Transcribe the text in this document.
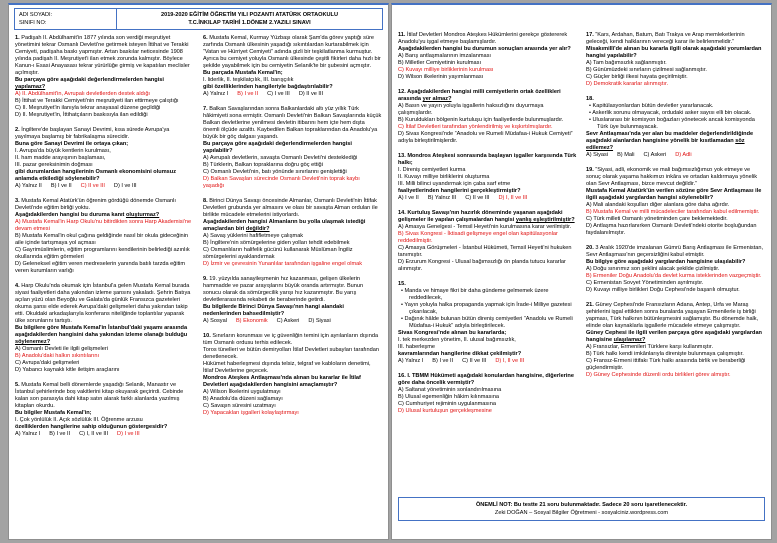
ADI SOYADI:
SINIFI NO:
2019-2020 EĞİTİM ÖĞRETİM YILI POZANTI ATATÜRK ORTAOKULU
T.C.İNKILAP TARİHİ 1.DÖNEM 2.YAZILI SINAVI
1. Padişah II. Abdülhamit'in 1877 yılında son verdiği meşrutiyet yönetimini tekrar Osmanlı Devleti'ne getirmek isteyen İttihat ve Terakki Cemiyeti, padişaha baskı yapmıştır. Artan baskılar neticesinde 1908 yılında padişah II. Meşrutiyet'i ilan etmek zorunda kalmıştır. Böylece Kanun-ı Esasi Anayasası tekrar yürürlüğe girmiş ve kapatılan meclisler açılmıştır.
Bu parçaya göre aşağıdaki değerlendirmelerden hangisi yapılamaz?
A) II. Abdülhamit'in, Avrupalı devletlerden destek aldığı
B) İttihat ve Terakki Cemiyeti'nin meşrutiyeti ilan ettirmeye çalıştığı
C) II. Meşrutiyet'in ilanıyla tekrar anayasal düzene geçildiği
D) II. Meşrutiyet'in, İttihatçıların baskısıyla ilan edildiği
2. İngiltere'de başlayan Sanayi Devrimi, kısa sürede Avrupa'ya yayılmaya başlamış bir fabrikalaşma sürecidir.
Buna göre Sanayi Devrimi ile ortaya çıkan;
I. Avrupa'da büyük kentlerin kurulması,
II. ham madde arayışının başlaması,
III. pazar gereksinimin doğması
gibi durumlardan hangilerinin Osmanlı ekonomisini olumsuz anlamda etkilediği söylenebilir?
A) Yalnız II B) I ve II C) II ve III D) I ve III
3. Mustafa Kemal Atatürk'ün öğrenim gördüğü dönemde Osmanlı Devleti'nde eğitim birliği yoktu.
Aşağıdakilerden hangisi bu duruma kanıt oluşturmaz?
A) Mustafa Kemal'in Harp Okulu'nu bitirdikten sonra Harp Akademisi'ne devam etmesi
B) Mustafa Kemal'in okul çağına geldiğinde nasıl bir okula gideceğinin aile içinde tartışmaya yol açması
C) Gayrimüslimlerin, eğitim programlarını kendilerinin belirlediği azınlık okullarında eğitim görmeleri
D) Geleneksel eğitim veren medreselerin yanında batılı tarzda eğitim veren kurumların varlığı
4. Harp Okulu'nda okumak için İstanbul'a gelen Mustafa Kemal burada siyasi faaliyetleri daha yakından izleme şansını yakaladı. Şehrin Batıya açılan yüzü olan Beyoğlu ve Galata'da günlük Fransızca gazeteleri okuma şansı elde ederek Avrupa'daki gelişmeleri daha yakından takip etti. Okuldaki arkadaşlarıyla konferans niteliğinde toplantılar yaparak ülke sorunlarını tartıştı.
Bu bilgilere göre Mustafa Kemal'in İstanbul'daki yaşamı arasında aşağıdakilerden hangisini daha yakından izleme olanağı bulduğu söylenemez?
A) Osmanlı Devleti ile ilgili gelişmeleri
B) Anadolu'daki halkın sıkıntılarını
C) Avrupa'daki gelişmeleri
D) Yabancı kaynaklı kitle iletişim araçlarını
5. Mustafa Kemal belli dönemlerde yaşadığı Selanik, Manastır ve İstanbul şehirlerinde boş vakitlerini kitap okuyarak geçirirdi. Cebinde kalan son parasıyla dahi kitap satın alarak farklı alanlarda yazılmış kitapları okurdu.
Bu bilgiler Mustafa Kemal'in;
I. Çok yönlülük II. Açık sözlülük III. Öğrenme arzusu
özelliklerden hangilerine sahip olduğunun göstergesidir?
A) Yalnız I B) I ve II C) I, II ve III D) I ve III
6. Mustafa Kemal, Kurmay Yüzbaşı olarak Şam'da görev yaptığı süre zarfında Osmanlı ülkesinin yaşadığı sıkıntılardan kurtarabilmek için “Vatan ve Hürriyet Cemiyeti” adında gizli bir teşkilatlanma kurmuştur. Ayrıca bu cemiyet yoluyla Osmanlı ülkesinde çeşitli fikirleri daha hızlı bir şekilde yayabilmek için bu cemiyetin Selanik'te bir şubesini açmıştır.
Bu parçada Mustafa Kemal'in;
I. liderlik, II. teşkilatçılık, III. barışçılık
gibi özelliklerinden hangileriyle bağdaştırılabilir?
A) Yalnız I B) I ve II C) I ve III D) II ve III
7. Balkan Savaşlarından sonra Balkanlardaki altı yüz yıllık Türk hâkimiyeti sona ermiştir. Osmanlı Devleti'nin Balkan Savaşlarında küçük Balkan devletlerine yenilmesi devletin itibarını hem içte hem dışta önemli ölçüde azalttı. Kaybedilen Balkan topraklarından da Anadolu'ya büyük bir göç dalgası yaşandı.
Bu parçaya göre aşağıdaki değerlendirmelerden hangisi yapılabilir?
A) Avrupalı devletlerin, savaşta Osmanlı Devleti'ni desteklediği
B) Türklerin, Balkan topraklarına doğru göç ettiği
C) Osmanlı Devleti'nin, batı yönünde sınırlarını genişlettiği
D) Balkan Savaşları sürecinde Osmanlı Devleti'nin toprak kaybı yaşadığı
8. Birinci Dünya Savaşı öncesinde Almanlar, Osmanlı Devleti'nin İttifak Devletleri grubunda yer almasını ve olası bir savaşta Alman orduları ile birlikte mücadele etmelerini istiyorlardı.
Aşağıdakilerden hangisi Almanların bu yolla ulaşmak istediği amaçlardan biri değildir?
A) Savaş yüklerini hafifletmeye çalışmak
B) İngiltere'nin sömürgelerine giden yolları tehdit edebilmek
C) Osmanlıların halifelik gücünü kullanarak Müslüman İngiliz sömürgelerini ayaklandırmak
D) İzmir ve çevresinin Yunanlılar tarafından işgaline engel olmak
9. 19. yüzyılda sanayileşmenin hız kazanması, gelişen ülkelerin hammadde ve pazar arayışlarını büyük oranda artırmıştır. Bunun sonucu olarak da sömürgecilik yarışı hız kazanmıştır. Bu yarış devletlerarasında rekabeti de beraberinde getirdi.
Bu bilgilerde Birinci Dünya Savaşı'nın hangi alandaki nedenlerinden bahsedilmiştir?
A) Sosyal B) Ekonomik C) Askeri D) Siyasi
10. Sınırların korunması ve iç güvenliğin temini için ayrılanların dışında tüm Osmanlı ordusu terhis edilecek.
Toros tünelleri ve bütün demiryolları İtilaf Devletleri subayları tarafından denetlenecek.
Hükümet haberleşmesi dışında telsiz, telgraf ve kabloların denetimi, İtilaf Devletlerine geçecek.
Mondros Ateşkes Antlaşması'nda alınan bu kararlar ile İtilaf Devletleri aşağıdakilerden hangisini amaçlamıştır?
A) Wilson İlkelerini uygulatmayı
B) Anadolu'da düzeni sağlamayı
C) Savaşın süresini uzatmayı
D) Yapacakları işgalleri kolaylaştırmayı
11. İtilaf Devletleri Mondros Ateşkes Hükümlerini gerekçe göstererek Anadolu'yu işgal etmeye başlamışlardır.
Aşağıdakilerden hangisi bu durumun sonuçları arasında yer alır?
A) Barış antlaşmalarının imzalanması
B) Milletler Cemiyetinin kurulması
C) Kuvayı milliye birliklerinin kurulması
D) Wilson ilkelerinin yayımlanması
12. Aşağıdakilerden hangisi milli cemiyetlerin ortak özellikleri arasında yer almaz?
A) Basın ve yayın yoluyla işgallerin haksızlığını duyurmaya çalışmışlardır.
B) Kuruldukları bölgenin kurtuluşu için faaliyetlerde bulunmuşlardır.
C) İtilaf Devletleri tarafından yönlendirilmiş ve kışkırtılmışlardır.
D) Sivas Kongresi'nde “Anadolu ve Rumeli Müdafaa-i Hukuk Cemiyeti” adıyla birleştirilmişlerdir.
13. Mondros Ateşkesi sonrasında başlayan işgaller karşısında Türk halkı;
I. Direniş cemiyetleri kurma
II. Kuvayı milliye birliklerini oluşturma
III. Milli bilinci uyandırmak için çaba sarf etme
faaliyetlerinden hangilerini gerçekleştirmiştir?
A) I ve II B) Yalnız III C) II ve III D) I, II ve III
14. Kurtuluş Savaşı'nın hazırlık döneminde yaşanan aşağıdaki gelişmeler ile yapılan çalışmalardan hangisi yanlış eşleştirilmiştir?
A) Amasya Genelgesi - Temsil Heyeti'nin kurulmasına karar verilmiştir.
B) Sivas Kongresi - İktisadi gelişmeye engel olan kapitülasyonlar reddedilmiştir.
C) Amasya Görüşmeleri - İstanbul Hükümeti, Temsil Heyeti'ni hukuken tanımıştır.
D) Erzurum Kongresi - Ulusal bağımsızlığı ön planda tutucu kararlar alınmıştır.
15.
• Manda ve himaye fikri bir daha gündeme gelmemek üzere reddedilecek,
• Yayın yoluyla halka propaganda yapmak için İrade-i Milliye gazetesi çıkarılacak,
• Dağınık hâlde bulunan bütün direniş cemiyetleri “Anadolu ve Rumeli Müdafaa-i Hukuk” adıyla birleştirilecek.
Sivas Kongresi'nde alınan bu kararlarda;
I. tek merkezden yönetim, II. ulusal bağımsızlık,
III. haberleşme
kavramlarından hangilerine dikkat çekilmiştir?
A) Yalnız I B) I ve II C) II ve III D) I, II ve III
16. I. TBMM Hükümeti aşağıdaki konulardan hangisine, diğerlerine göre daha öncelik vermiştir?
A) Saltanat yönetiminin sonlandırılmasına
B) Ulusal egemenliğin hâkim kılınmasına
C) Cumhuriyet rejiminin uygulanmasına
D) Ulusal kurtuluşun gerçekleşmesine
17. “Kars, Ardahan, Batum, Batı Trakya ve Arap memleketlerinin geleceği, kendi halklarının vereceği karar ile belirlenmelidir.”
Misakımillî'de alınan bu kararla ilgili olarak aşağıdaki yorumlardan hangisi yapılabilir?
A) Tam bağımsızlık sağlanmıştır.
B) Günümüzdeki sınırların çizilmesi sağlanmıştır.
C) Güçler birliği ilkesi hayata geçirilmiştir.
D) Demokratik kararlar alınmıştır.
18.
• Kapitülasyonlardan bütün devletler yararlanacak.
• Askerlik sorunu olmayacak, ordudaki asker sayısı elli bin olacak.
• Uluslararası bir komisyon boğazları yönetecek ancak komisyonda Türk üye bulunmayacak.
Sevr Antlaşması'nda yer alan bu maddeler değerlendirildiğinde aşağıdaki alanlardan hangisine yönelik bir kısıtlamadan söz edilemez?
A) Siyasi B) Mali C) Askeri D) Adli
19. “Siyasi, adli, ekonomik ve mali bağımsızlığımızı yok etmeye ve sonuç olarak yaşama hakkımızı inkâra ve ortadan kaldırmaya yönelik olan Sevr Antlaşması, bizce mevcut değildir.”
Mustafa Kemal Atatürk'ün verilen sözüne göre Sevr Antlaşması ile ilgili aşağıdaki yargılardan hangisi söylenebilir?
A) Mali alandaki koşulları diğer alanlara göre daha ağırdır.
B) Mustafa Kemal ve milli mücadeleciler tarafından kabul edilmemiştir.
C) Türk milleti Osmanlı yönetiminden çare beklemektedir.
D) Antlaşma hazırlanırken Osmanlı Devleti'ndeki otorite boşluğundan faydalanılmıştır.
20. 3 Aralık 1920'de imzalanan Gümrü Barış Antlaşması ile Ermenistan, Sevr Antlaşması'nın geçersizliğini kabul etmiştir.
Bu bilgiye göre aşağıdaki yargılardan hangisine ulaşılabilir?
A) Doğu sınırımız son şeklini alacak şekilde çizilmiştir.
B) Ermeniler Doğu Anadolu'da devlet kurma isteklerinden vazgeçmiştir.
C) Ermenistan Sovyet Yönetiminden ayrılmıştır.
D) Kuvayı milliye birlikleri Doğu Cephesi'nde başarılı olmuştur.
21. Güney Cephesi'nde Fransızların Adana, Antep, Urfa ve Maraş şehirlerini işgal ettikten sonra buralarda yaşayan Ermenilerle iş birliği yapması, Türk halkının bütünleşmesini sağlamıştır. Bu dönemde halk, elinde olan kaynaklarla işgallerle mücadele etmeye çalışmıştır.
Güney Cephesi ile ilgili verilen parçaya göre aşağıdaki yargılardan hangisine ulaşılamaz?
A) Fransızlar, Ermenileri Türklere karşı kullanmıştır.
B) Türk halkı kendi imkânlarıyla direnişte bulunmaya çalışmıştır.
C) Fransız-Ermeni ittifakı Türk halkı arasında birlik ve beraberliği güçlendirmiştir.
D) Güney Cephesinde düzenli ordu birlikleri görev almıştır.
ÖNEMLİ NOT: Bu testte 21 soru bulunmaktadır. Sadece 20 soru işaretlenecektir.
Zeki DOĞAN – Sosyal Bilgiler Öğretmeni - sosyalciniz.wordpress.com
